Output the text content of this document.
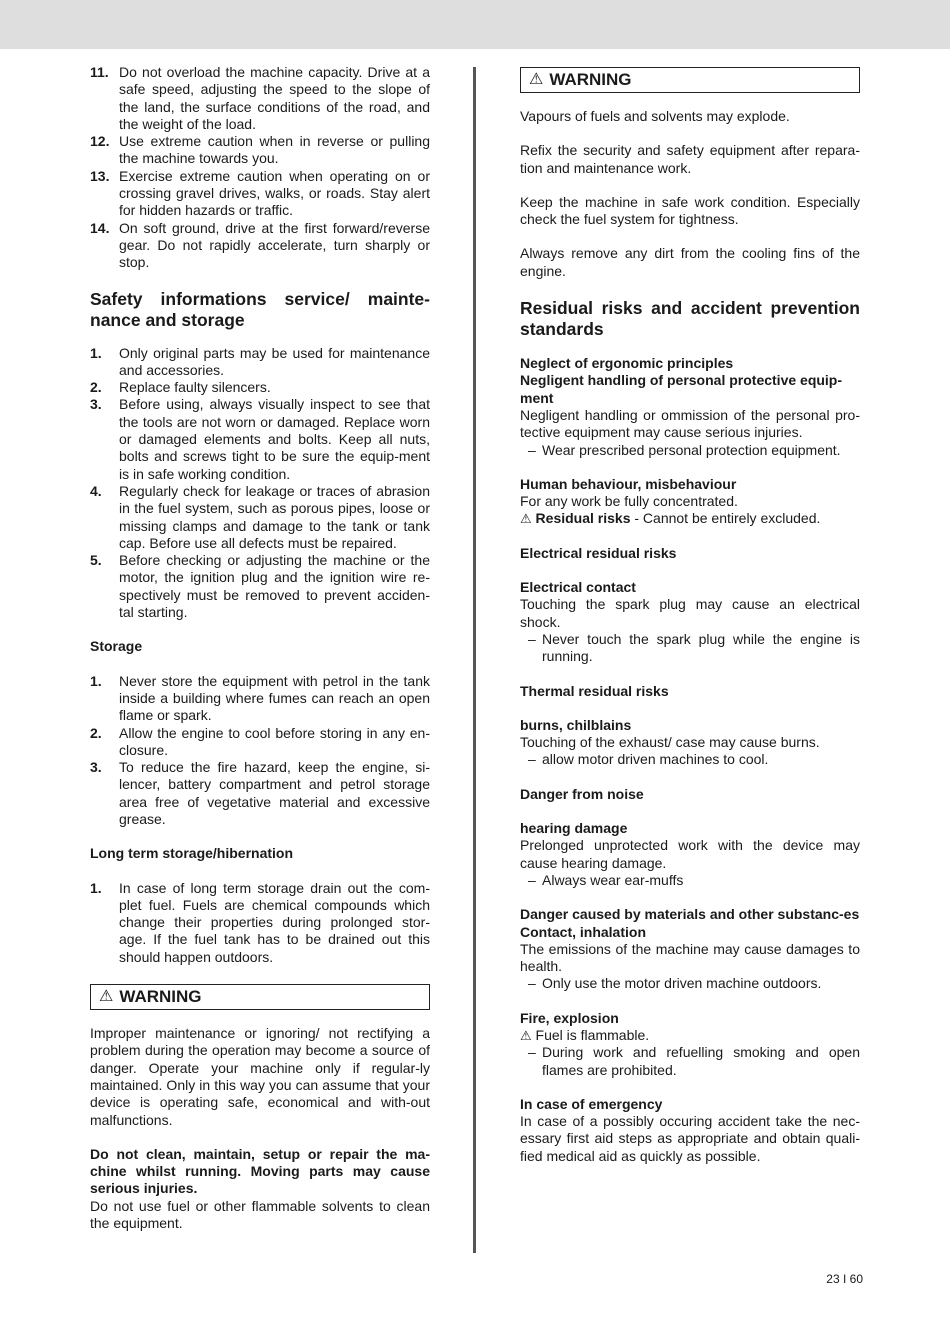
11. Do not overload the machine capacity. Drive at a safe speed, adjusting the speed to the slope of the land, the surface conditions of the road, and the weight of the load.
12. Use extreme caution when in reverse or pulling the machine towards you.
13. Exercise extreme caution when operating on or crossing gravel drives, walks, or roads. Stay alert for hidden hazards or traffic.
14. On soft ground, drive at the first forward/reverse gear. Do not rapidly accelerate, turn sharply or stop.
Safety informations service/ mainte-nance and storage
1. Only original parts may be used for maintenance and accessories.
2. Replace faulty silencers.
3. Before using, always visually inspect to see that the tools are not worn or damaged. Replace worn or damaged elements and bolts. Keep all nuts, bolts and screws tight to be sure the equip-ment is in safe working condition.
4. Regularly check for leakage or traces of abrasion in the fuel system, such as porous pipes, loose or missing clamps and damage to the tank or tank cap. Before use all defects must be repaired.
5. Before checking or adjusting the machine or the motor, the ignition plug and the ignition wire re-spectively must be removed to prevent acciden-tal starting.
Storage
1. Never store the equipment with petrol in the tank inside a building where fumes can reach an open flame or spark.
2. Allow the engine to cool before storing in any en-closure.
3. To reduce the fire hazard, keep the engine, si-lencer, battery compartment and petrol storage area free of vegetative material and excessive grease.
Long term storage/hibernation
1. In case of long term storage drain out the com-plet fuel. Fuels are chemical compounds which change their properties during prolonged stor-age. If the fuel tank has to be drained out this should happen outdoors.
⚠ WARNING

Improper maintenance or ignoring/ not rectifying a problem during the operation may become a source of danger. Operate your machine only if regular-ly maintained. Only in this way you can assume that your device is operating safe, economical and with-out malfunctions.

Do not clean, maintain, setup or repair the ma-chine whilst running. Moving parts may cause serious injuries.

Do not use fuel or other flammable solvents to clean the equipment.

⚠ WARNING

Vapours of fuels and solvents may explode.

Refix the security and safety equipment after repara-tion and maintenance work.

Keep the machine in safe work condition. Especially check the fuel system for tightness.

Always remove any dirt from the cooling fins of the engine.

Residual risks and accident prevention standards
Neglect of ergonomic principles
Negligent handling of personal protective equip-ment

Negligent handling or ommission of the personal pro-tective equipment may cause serious injuries.

– Wear prescribed personal protection equipment.
Human behaviour, misbehaviour

For any work be fully concentrated.

⚠ Residual risks - Cannot be entirely excluded.

Electrical residual risks
Electrical contact

Touching the spark plug may cause an electrical shock.

– Never touch the spark plug while the engine is running.
Thermal residual risks
burns, chilblains

Touching of the exhaust/ case may cause burns.

– allow motor driven machines to cool.
Danger from noise
hearing damage

Prelonged unprotected work with the device may cause hearing damage.

– Always wear ear-muffs
Danger caused by materials and other substanc-es
Contact, inhalation

The emissions of the machine may cause damages to health.

– Only use the motor driven machine outdoors.
Fire, explosion

⚠ Fuel is flammable.

– During work and refuelling smoking and open flames are prohibited.
In case of emergency

In case of a possibly occuring accident take the nec-essary first aid steps as appropriate and obtain quali-fied medical aid as quickly as possible.

23 I 60
